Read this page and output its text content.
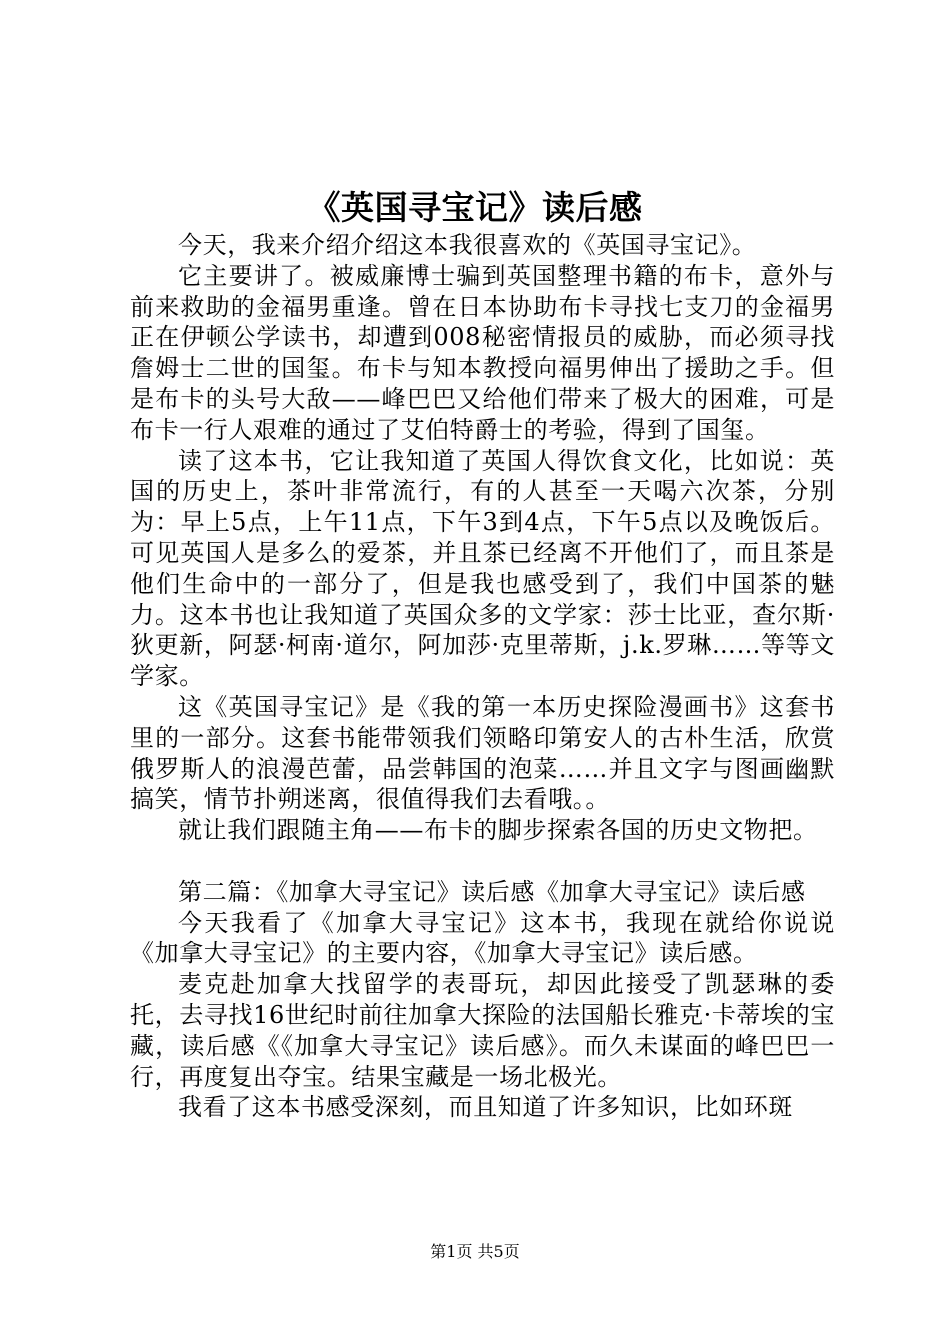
《英国寻宝记》读后感

今天，我来介绍介绍这本我很喜欢的《英国寻宝记》。

它主要讲了。被威廉博士骗到英国整理书籍的布卡，意外与前来救助的金福男重逢。曾在日本协助布卡寻找七支刀的金福男正在伊顿公学读书，却遭到008秘密情报员的威胁，而必须寻找詹姆士二世的国玺。布卡与知本教授向福男伸出了援助之手。但是布卡的头号大敌——峰巴巴又给他们带来了极大的困难，可是布卡一行人艰难的通过了艾伯特爵士的考验，得到了国玺。

读了这本书，它让我知道了英国人得饮食文化，比如说：英国的历史上，茶叶非常流行，有的人甚至一天喝六次茶，分别为：早上5点，上午11点，下午3到4点，下午5点以及晚饭后。可见英国人是多么的爱茶，并且茶已经离不开他们了，而且茶是他们生命中的一部分了，但是我也感受到了，我们中国茶的魅力。这本书也让我知道了英国众多的文学家：莎士比亚，查尔斯·狄更新，阿瑟·柯南·道尔，阿加莎·克里蒂斯，j.k.罗琳……等等文学家。

这《英国寻宝记》是《我的第一本历史探险漫画书》这套书里的一部分。这套书能带领我们领略印第安人的古朴生活，欣赏俄罗斯人的浪漫芭蕾，品尝韩国的泡菜……并且文字与图画幽默搞笑，情节扑朔迷离，很值得我们去看哦。。

就让我们跟随主角——布卡的脚步探索各国的历史文物把。

第二篇：《加拿大寻宝记》读后感《加拿大寻宝记》读后感

今天我看了《加拿大寻宝记》这本书，我现在就给你说说《加拿大寻宝记》的主要内容，《加拿大寻宝记》读后感。

麦克赴加拿大找留学的表哥玩，却因此接受了凯瑟琳的委托，去寻找16世纪时前往加拿大探险的法国船长雅克·卡蒂埃的宝藏，读后感《《加拿大寻宝记》读后感》。而久未谋面的峰巴巴一行，再度复出夺宝。结果宝藏是一场北极光。

我看了这本书感受深刻，而且知道了许多知识，比如环斑

第1页 共5页
